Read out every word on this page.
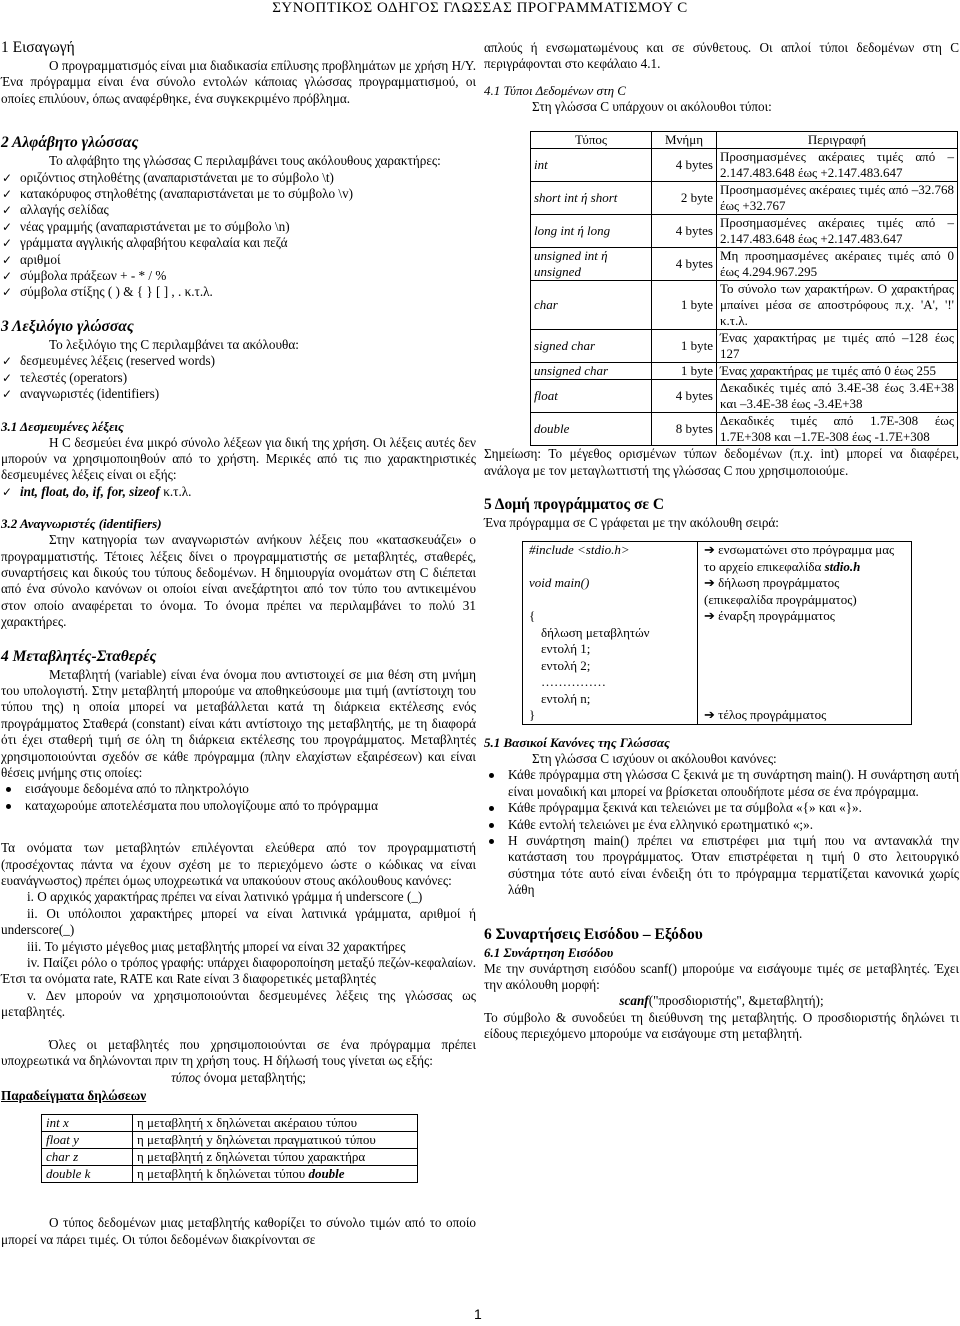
ΣΥΝΟΠΤΙΚΟΣ ΟΔΗΓΟΣ ΓΛΩΣΣΑΣ ΠΡΟΓΡΑΜΜΑΤΙΣΜΟΥ C
1 Εισαγωγή

Ο προγραμματισμός είναι μια διαδικασία επίλυσης προβλημάτων με χρήση Η/Υ. Ένα πρόγραμμα είναι ένα σύνολο εντολών κάποιας γλώσσας προγραμματισμού, οι οποίες επιλύουν, όπως αναφέρθηκε, ένα συγκεκριμένο πρόβλημα.

2 Αλφάβητο γλώσσας

Το αλφάβητο της γλώσσας C περιλαμβάνει τους ακόλουθους χαρακτήρες:

✓ οριζόντιος στηλοθέτης (αναπαριστάνεται με το σύμβολο \t)
✓ κατακόρυφος στηλοθέτης (αναπαριστάνεται με το σύμβολο \v)
✓ αλλαγής σελίδας
✓ νέας γραμμής (αναπαριστάνεται με το σύμβολο \n)
✓ γράμματα αγγλικής αλφαβήτου κεφαλαία και πεζά
✓ αριθμοί
✓ σύμβολα πράξεων + - * / %
✓ σύμβολα στίξης ( ) & { } [ ] , . κ.τ.λ.
3 Λεξιλόγιο γλώσσας

Το λεξιλόγιο της C περιλαμβάνει τα ακόλουθα:

✓ δεσμευμένες λέξεις (reserved words)
✓ τελεστές (operators)
✓ αναγνωριστές (identifiers)
3.1 Δεσμευμένες λέξεις

Η C δεσμεύει ένα μικρό σύνολο λέξεων για δική της χρήση. Οι λέξεις αυτές δεν μπορούν να χρησιμοποιηθούν από το χρήστη. Μερικές από τις πιο χαρακτηριστικές δεσμευμένες λέξεις είναι οι εξής:

✓ int, float, do, if, for, sizeof κ.τ.λ.
3.2 Αναγνωριστές (identifiers)

Στην κατηγορία των αναγνωριστών ανήκουν λέξεις που «κατασκευάζει» ο προγραμματιστής. Τέτοιες λέξεις δίνει ο προγραμματιστής σε μεταβλητές, σταθερές, συναρτήσεις και δικούς του τύπους δεδομένων. Η δημιουργία ονομάτων στη C διέπεται από ένα σύνολο κανόνων οι οποίοι είναι ανεξάρτητοι από τον τύπο του αντικειμένου στον οποίο αναφέρεται το όνομα. Το όνομα πρέπει να περιλαμβάνει το πολύ 31 χαρακτήρες.

4 Μεταβλητές-Σταθερές

Μεταβλητή (variable) είναι ένα όνομα που αντιστοιχεί σε μια θέση στη μνήμη του υπολογιστή. Στην μεταβλητή μπορούμε να αποθηκεύσουμε μια τιμή (αντίστοιχη του τύπου της) η οποία μπορεί να μεταβάλλεται κατά τη διάρκεια εκτέλεσης ενός προγράμματος Σταθερά (constant) είναι κάτι αντίστοιχο της μεταβλητής, με τη διαφορά ότι έχει σταθερή τιμή σε όλη τη διάρκεια εκτέλεσης του προγράμματος. Μεταβλητές χρησιμοποιούνται σχεδόν σε κάθε πρόγραμμα (πλην ελαχίστων εξαιρέσεων) και είναι θέσεις μνήμης στις οποίες:

εισάγουμε δεδομένα από το πληκτρολόγιο
καταχωρούμε αποτελέσματα που υπολογίζουμε από το πρόγραμμα

Τα ονόματα των μεταβλητών επιλέγονται ελεύθερα από τον προγραμματιστή (προσέχοντας πάντα να έχουν σχέση με το περιεχόμενο ώστε ο κώδικας να είναι ευανάγνωστος) πρέπει όμως υποχρεωτικά να υπακούουν στους ακόλουθους κανόνες:

i. Ο αρχικός χαρακτήρας πρέπει να είναι λατινικό γράμμα ή underscore (_)

ii. Οι υπόλοιποι χαρακτήρες μπορεί να είναι λατινικά γράμματα, αριθμοί ή underscore(_)

iii. Το μέγιστο μέγεθος μιας μεταβλητής μπορεί να είναι 32 χαρακτήρες

iv. Παίζει ρόλο ο τρόπος γραφής: υπάρχει διαφοροποίηση μεταξύ πεζών-κεφαλαίων. Έτσι τα ονόματα rate, RATE και Rate είναι 3 διαφορετικές μεταβλητές

v. Δεν μπορούν να χρησιμοποιούνται δεσμευμένες λέξεις της γλώσσας ως μεταβλητές.

Όλες οι μεταβλητές που χρησιμοποιούνται σε ένα πρόγραμμα πρέπει υποχρεωτικά να δηλώνονται πριν τη χρήση τους. Η δήλωσή τους γίνεται ως εξής:

τύπος όνομα μεταβλητής;

Παραδείγματα δηλώσεων

int x	η μεταβλητή x δηλώνεται ακέραιου τύπου
float y	η μεταβλητή y δηλώνεται πραγματικού τύπου
char z	η μεταβλητή z δηλώνεται τύπου χαρακτήρα
double k	η μεταβλητή k δηλώνεται τύπου double

Ο τύπος δεδομένων μιας μεταβλητής καθορίζει το σύνολο τιμών από το οποίο μπορεί να πάρει τιμές. Οι τύποι δεδομένων διακρίνονται σε

απλούς ή ενσωματωμένους και σε σύνθετους. Οι απλοί τύποι δεδομένων στη C περιγράφονται στο κεφάλαιο 4.1.

4.1 Τύποι Δεδομένων στη C

Στη γλώσσα C υπάρχουν οι ακόλουθοι τύποι:

Τύπος	Μνήμη	Περιγραφή
int	4 bytes	Προσημασμένες ακέραιες τιμές από –2.147.483.648 έως +2.147.483.647
short int ή short	2 byte	Προσημασμένες ακέραιες τιμές από –32.768 έως +32.767
long int ή long	4 bytes	Προσημασμένες ακέραιες τιμές από –2.147.483.648 έως +2.147.483.647
unsigned int ή unsigned	4 bytes	Μη προσημασμένες ακέραιες τιμές από 0 έως 4.294.967.295
char	1 byte	Το σύνολο των χαρακτήρων. Ο χαρακτήρας μπαίνει μέσα σε αποστρόφους π.χ. 'A', '!' κ.τ.λ.
signed char	1 byte	Ένας χαρακτήρας με τιμές από –128 έως 127
unsigned char	1 byte	Ένας χαρακτήρας με τιμές από 0 έως 255
float	4 bytes	Δεκαδικές τιμές από 3.4E-38 έως 3.4E+38 και –3.4E-38 έως -3.4E+38
double	8 bytes	Δεκαδικές τιμές από 1.7E-308 έως 1.7E+308 και –1.7E-308 έως -1.7E+308

Σημείωση: Το μέγεθος ορισμένων τύπων δεδομένων (π.χ. int) μπορεί να διαφέρει, ανάλογα με τον μεταγλωττιστή της γλώσσας C που χρησιμοποιούμε.

5 Δομή προγράμματος σε C

Ένα πρόγραμμα σε C γράφεται με την ακόλουθη σειρά:

#include <stdio.h>	➔ ενσωματώνει στο πρόγραμμα μας το αρχείο επικεφαλίδα stdio.h
void main()	➔ δήλωση προγράμματος (επικεφαλίδα προγράμματος)
{	➔ έναρξη προγράμματος
δήλωση μεταβλητών	
εντολή 1;	
εντολή 2;	
……………	
εντολή n;	
}	➔ τέλος προγράμματος
5.1 Βασικοί Κανόνες της Γλώσσας

Στη γλώσσα C ισχύουν οι ακόλουθοι κανόνες:

Κάθε πρόγραμμα στη γλώσσα C ξεκινά με τη συνάρτηση main(). Η συνάρτηση αυτή είναι μοναδική και μπορεί να βρίσκεται οπουδήποτε μέσα σε ένα πρόγραμμα.
Κάθε πρόγραμμα ξεκινά και τελειώνει με τα σύμβολα «{» και «}».
Κάθε εντολή τελειώνει με ένα ελληνικό ερωτηματικό «;».
Η συνάρτηση main() πρέπει να επιστρέφει μια τιμή που να αντανακλά την κατάσταση του προγράμματος. Όταν επιστρέφεται η τιμή 0 στο λειτουργικό σύστημα τότε αυτό είναι ένδειξη ότι το πρόγραμμα τερματίζεται κανονικά χωρίς λάθη
6 Συναρτήσεις Εισόδου – Εξόδου
6.1 Συνάρτηση Εισόδου

Με την συνάρτηση εισόδου scanf() μπορούμε να εισάγουμε τιμές σε μεταβλητές. Έχει την ακόλουθη μορφή:

scanf("προσδιοριστής", &μεταβλητή);

Το σύμβολο & συνοδεύει τη διεύθυνση της μεταβλητής. Ο προσδιοριστής δηλώνει τι είδους περιεχόμενο μπορούμε να εισάγουμε στη μεταβλητή.

1
